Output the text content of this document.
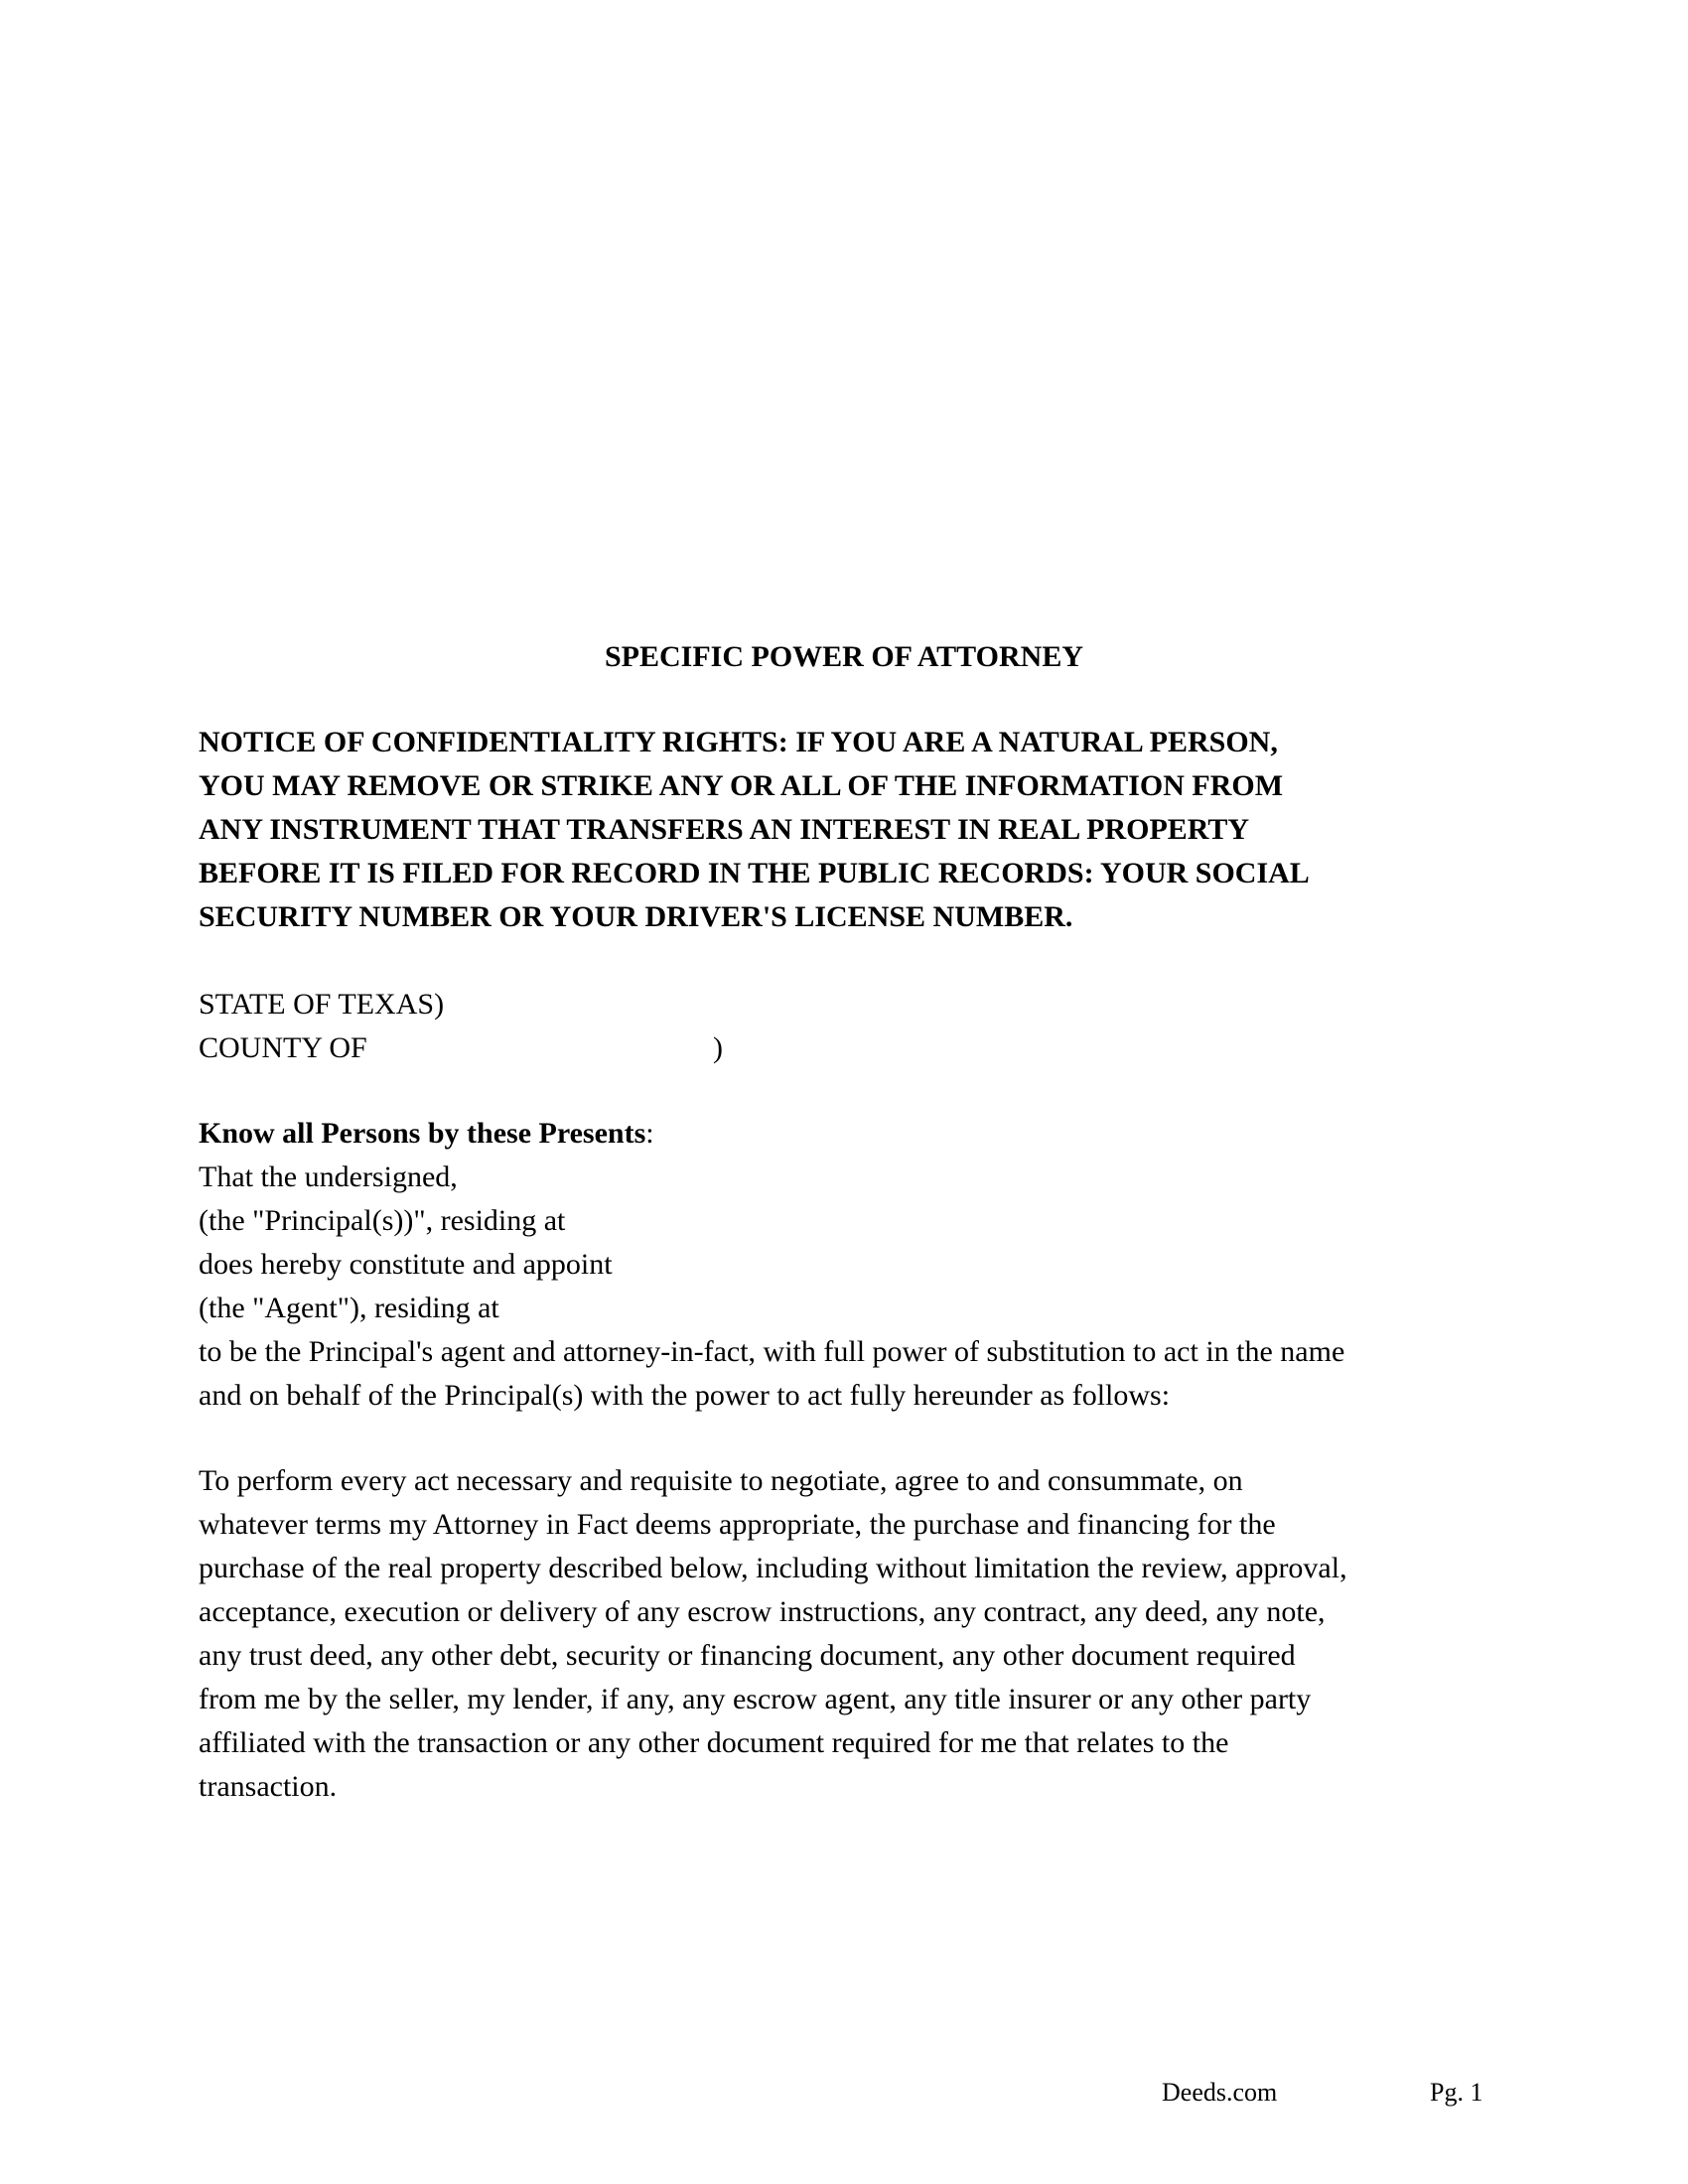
SPECIFIC POWER OF ATTORNEY
NOTICE OF CONFIDENTIALITY RIGHTS: IF YOU ARE A NATURAL PERSON,
YOU MAY REMOVE OR STRIKE ANY OR ALL OF THE INFORMATION FROM
ANY INSTRUMENT THAT TRANSFERS AN INTEREST IN REAL PROPERTY
BEFORE IT IS FILED FOR RECORD IN THE PUBLIC RECORDS: YOUR SOCIAL
SECURITY NUMBER OR YOUR DRIVER'S LICENSE NUMBER.
STATE OF TEXAS)
COUNTY OF	)
Know all Persons by these Presents:
That the undersigned,
(the "Principal(s))", residing at
does hereby constitute and appoint
(the "Agent"), residing at
to be the Principal's agent and attorney-in-fact, with full power of substitution to act in the name
and on behalf of the Principal(s) with the power to act fully hereunder as follows:
To perform every act necessary and requisite to negotiate, agree to and consummate, on
whatever terms my Attorney in Fact deems appropriate, the purchase and financing for the
purchase of the real property described below, including without limitation the review, approval,
acceptance, execution or delivery of any escrow instructions, any contract, any deed, any note,
any trust deed, any other debt, security or financing document, any other document required
from me by the seller, my lender, if any, any escrow agent, any title insurer or any other party
affiliated with the transaction or any other document required for me that relates to the
transaction.
Deeds.com	Pg. 1
